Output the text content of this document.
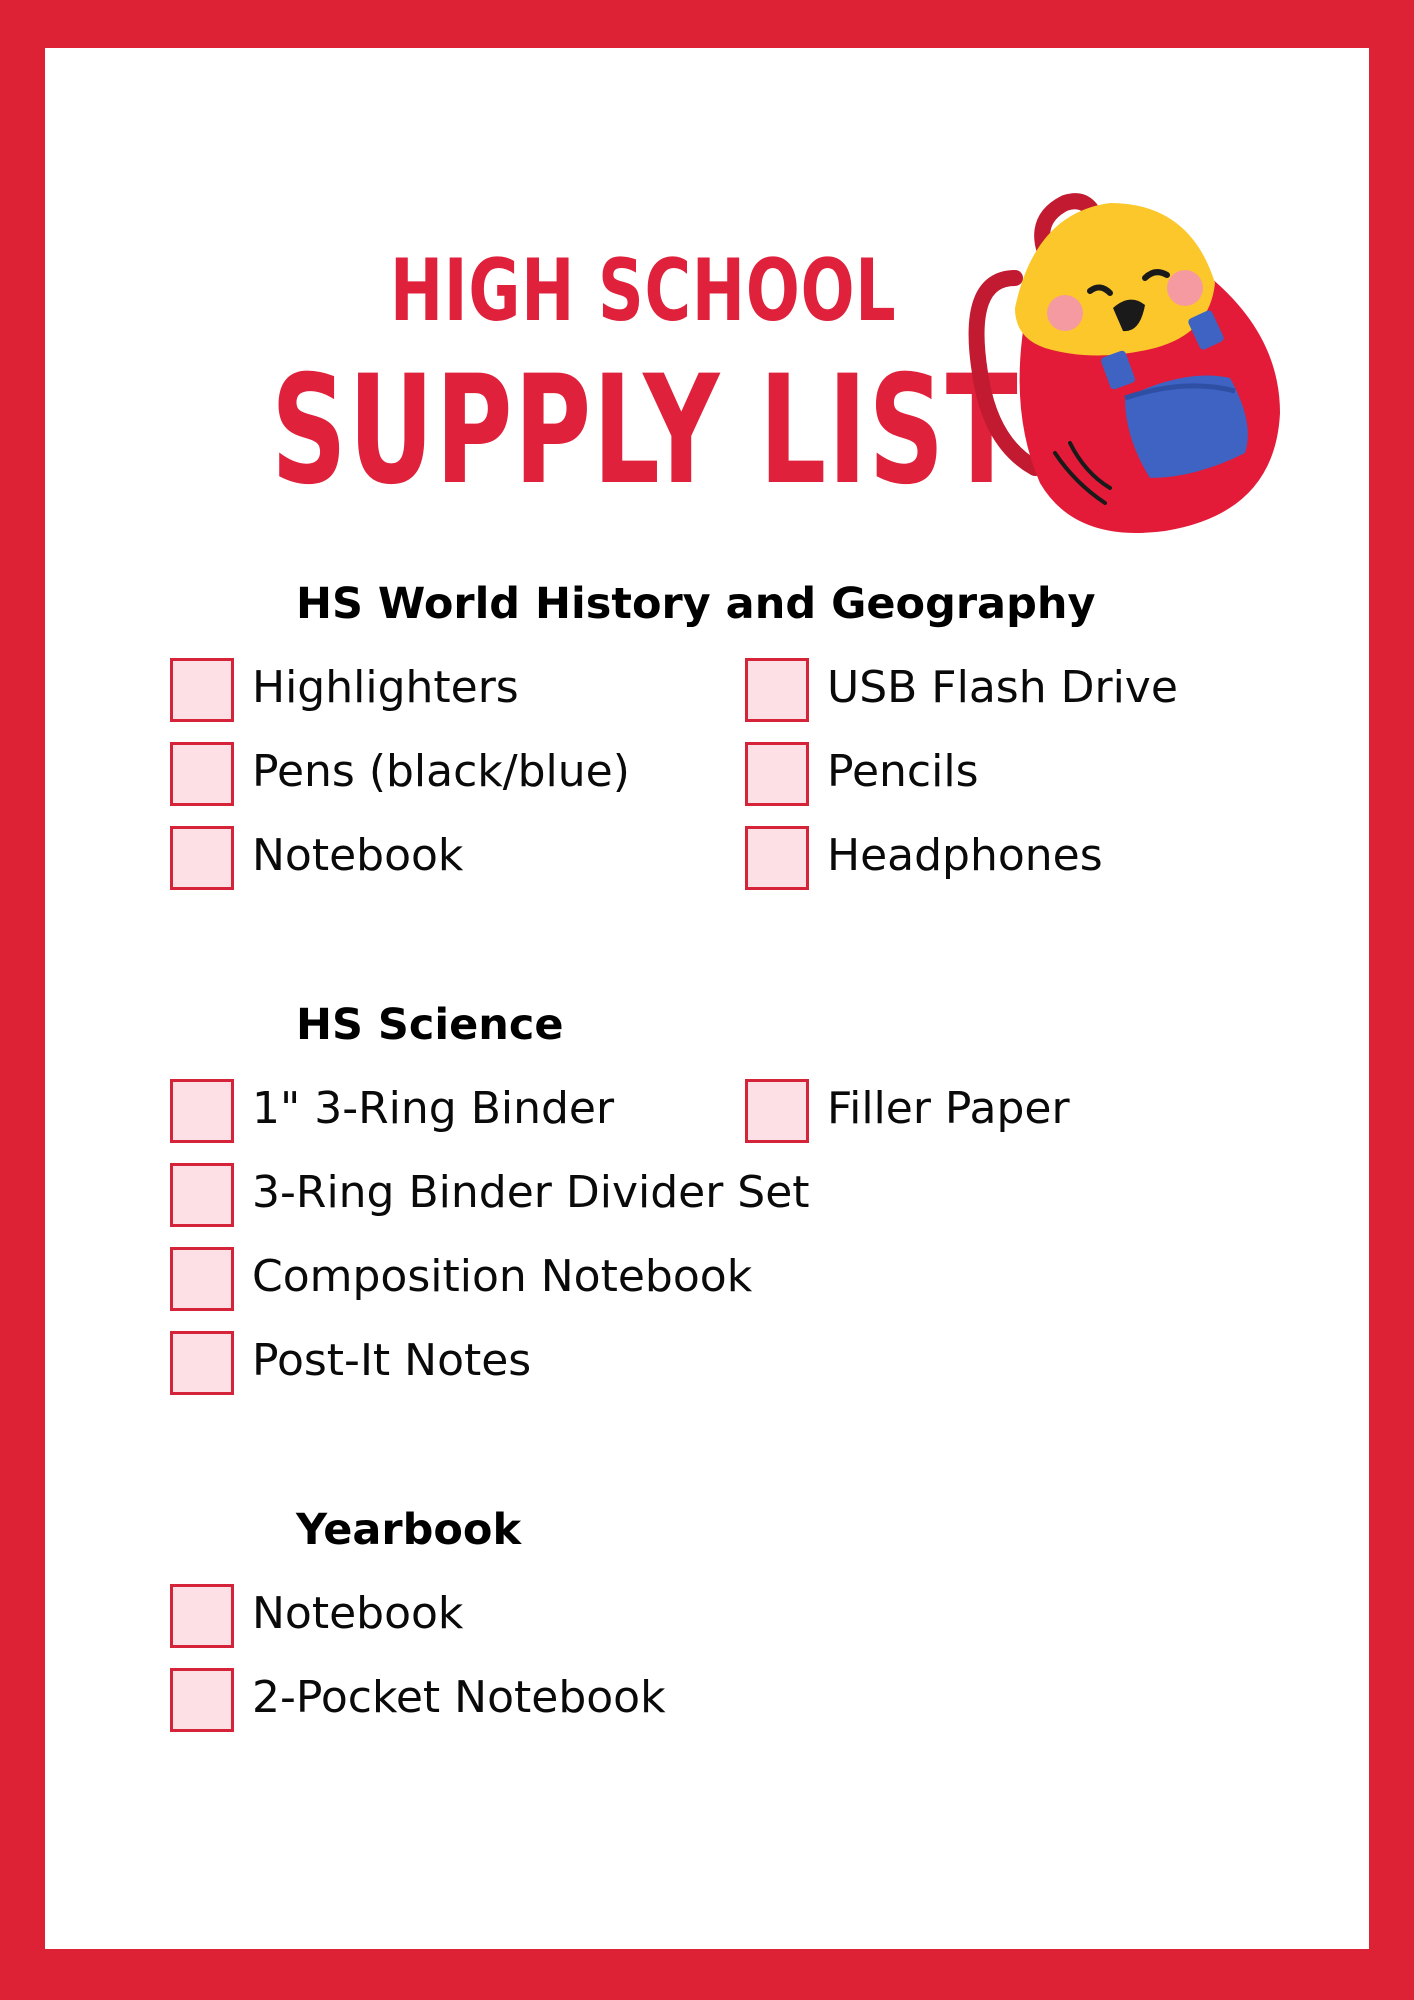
HIGH SCHOOL
SUPPLY LIST
HS World History and Geography
Highlighters
Pens (black/blue)
Notebook
USB Flash Drive
Pencils
Headphones
HS Science
1" 3-Ring Binder
3-Ring Binder Divider Set
Composition Notebook
Post-It Notes
Filler Paper
Yearbook
Notebook
2-Pocket Notebook
